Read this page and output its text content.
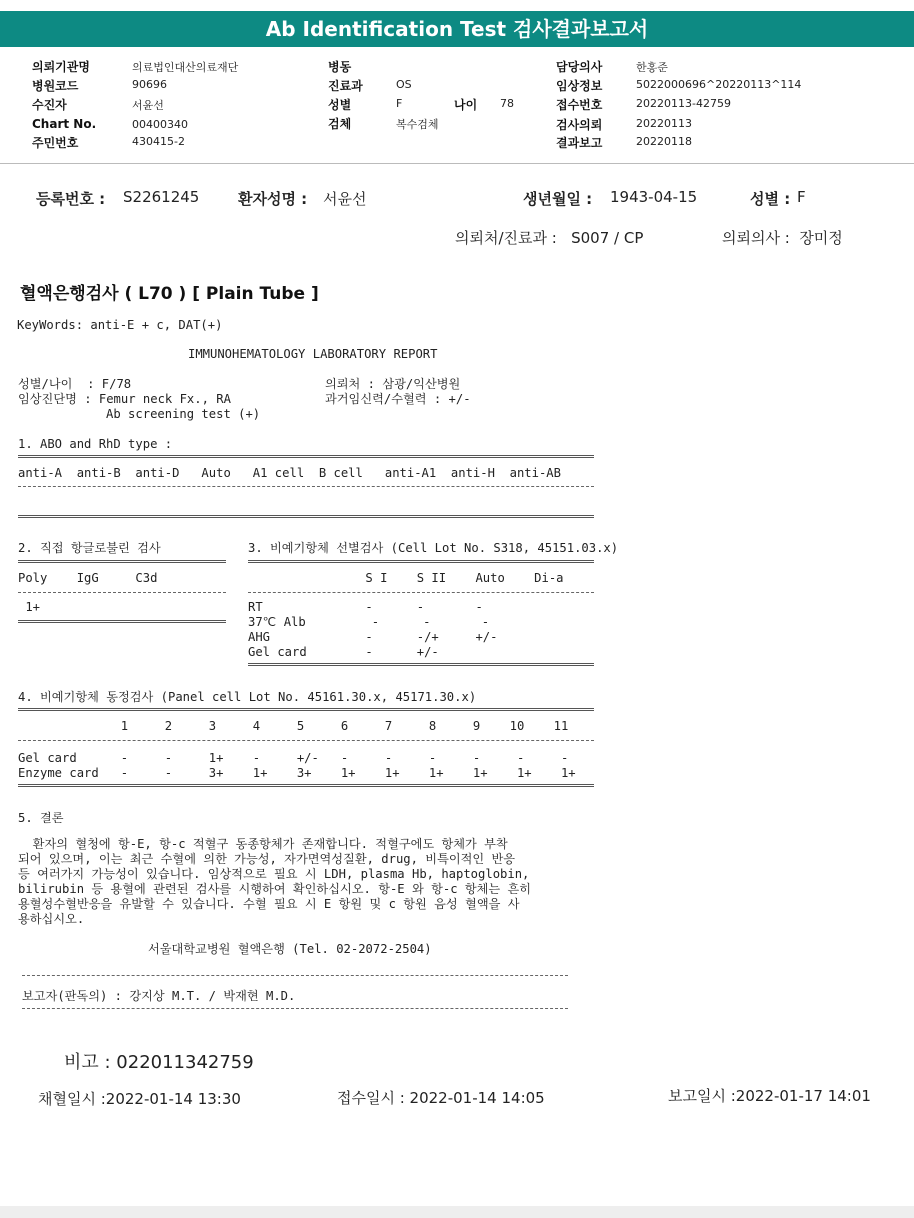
Ab Identification Test 검사결과보고서
의뢰기관명	의료법인대산의료재단
병원코드	90696
수진자	서윤선
Chart No.	00400340
주민번호	430415-2
병동
진료과	OS
성별	F	나이 78
검체	복수검체
담당의사	한홍준
임상정보	5022000696^20220113^114
접수번호	20220113-42759
검사의뢰	20220113
결과보고	20220118
등록번호 : S2261245	환자성명 : 서윤선	생년월일 : 1943-04-15	성별 : F
의뢰처/진료과 :   S007 / CP	의뢰의사 :  장미정
혈액은행검사 ( L70 ) [ Plain Tube ]
KeyWords: anti-E + c, DAT(+)
IMMUNOHEMATOLOGY LABORATORY REPORT
성별/나이  : F/78
임상진단명 : Femur neck Fx., RA
Ab screening test (+)
의뢰처 : 삼광/익산병원
과거임신력/수혈력 : +/-
1. ABO and RhD type :
anti-A  anti-B  anti-D   Auto   A1 cell  B cell   anti-A1  anti-H  anti-AB
2. 직접 항글로불린 검사
Poly    IgG     C3d
1+
3. 비예기항체 선별검사 (Cell Lot No. S318, 45151.03.x)
S I    S II    Auto    Di-a
RT              -      -       -
37℃ Alb         -      -       -
AHG             -      -/+     +/-
Gel card        -      +/-
4. 비예기항체 동정검사 (Panel cell Lot No. 45161.30.x, 45171.30.x)
1     2     3     4     5     6     7     8     9    10    11
Gel card      -     -     1+    -     +/-   -     -     -     -     -     -
Enzyme card   -     -     3+    1+    3+    1+    1+    1+    1+    1+    1+
5. 결론
환자의 혈청에 항-E, 항-c 적혈구 동종항체가 존재합니다. 적혈구에도 항체가 부착
되어 있으며, 이는 최근 수혈에 의한 가능성, 자가면역성질환, drug, 비특이적인 반응
등 여러가지 가능성이 있습니다. 임상적으로 필요 시 LDH, plasma Hb, haptoglobin,
bilirubin 등 용혈에 관련된 검사를 시행하여 확인하십시오. 항-E 와 항-c 항체는 흔히
용혈성수혈반응을 유발할 수 있습니다. 수혈 필요 시 E 항원 및 c 항원 음성 혈액을 사
용하십시오.
서울대학교병원 혈액은행 (Tel. 02-2072-2504)
보고자(판독의) : 강지상 M.T. / 박재현 M.D.
비고 : 022011342759
채혈일시 :2022-01-14 13:30	접수일시 : 2022-01-14 14:05	보고일시 :2022-01-17 14:01
